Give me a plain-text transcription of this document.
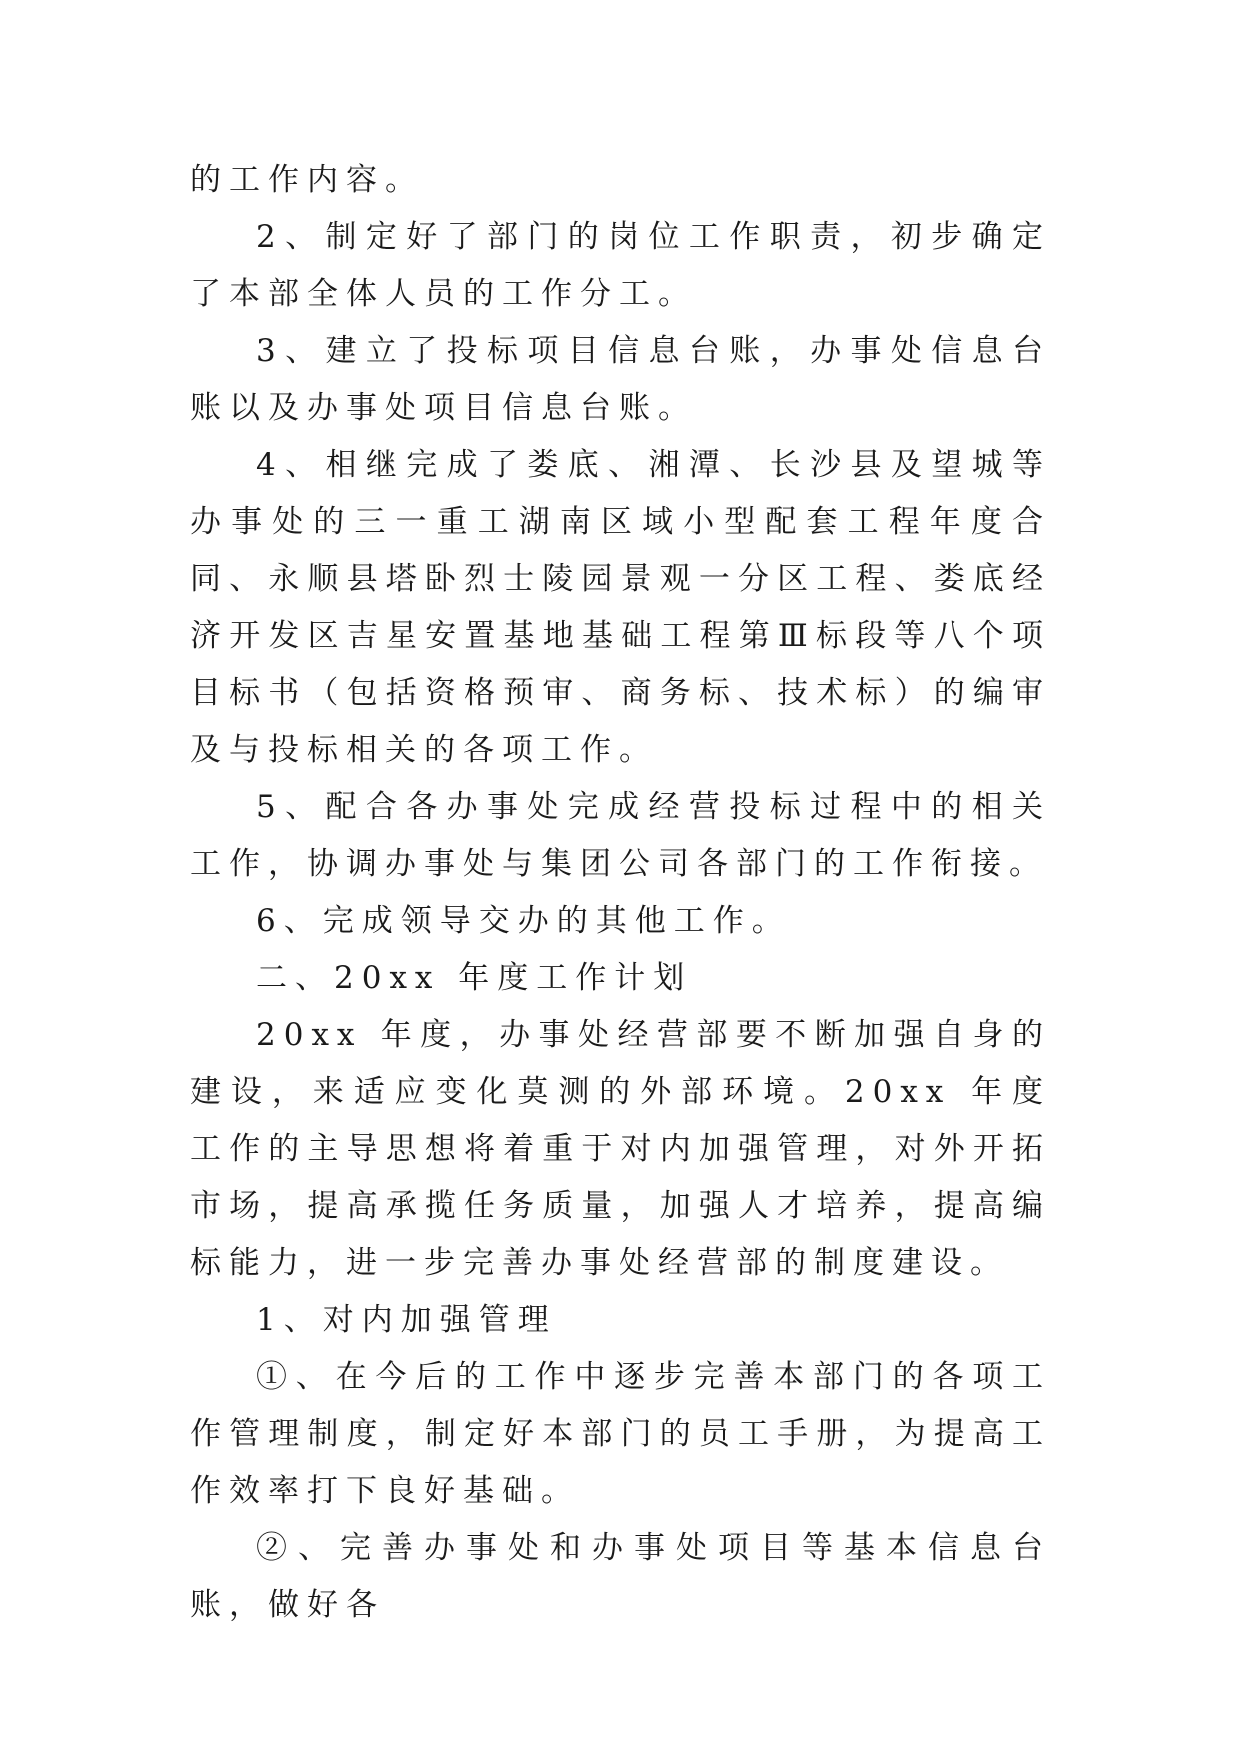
的工作内容。

2、制定好了部门的岗位工作职责，初步确定了本部全体人员的工作分工。

3、建立了投标项目信息台账，办事处信息台账以及办事处项目信息台账。

4、相继完成了娄底、湘潭、长沙县及望城等办事处的三一重工湖南区域小型配套工程年度合同、永顺县塔卧烈士陵园景观一分区工程、娄底经济开发区吉星安置基地基础工程第Ⅲ标段等八个项目标书（包括资格预审、商务标、技术标）的编审及与投标相关的各项工作。

5、配合各办事处完成经营投标过程中的相关工作，协调办事处与集团公司各部门的工作衔接。

6、完成领导交办的其他工作。

二、20xx 年度工作计划

20xx 年度，办事处经营部要不断加强自身的建设，来适应变化莫测的外部环境。20xx 年度工作的主导思想将着重于对内加强管理，对外开拓市场，提高承揽任务质量，加强人才培养，提高编标能力，进一步完善办事处经营部的制度建设。

1、对内加强管理

①、在今后的工作中逐步完善本部门的各项工作管理制度，制定好本部门的员工手册，为提高工作效率打下良好基础。

②、完善办事处和办事处项目等基本信息台账，做好各
